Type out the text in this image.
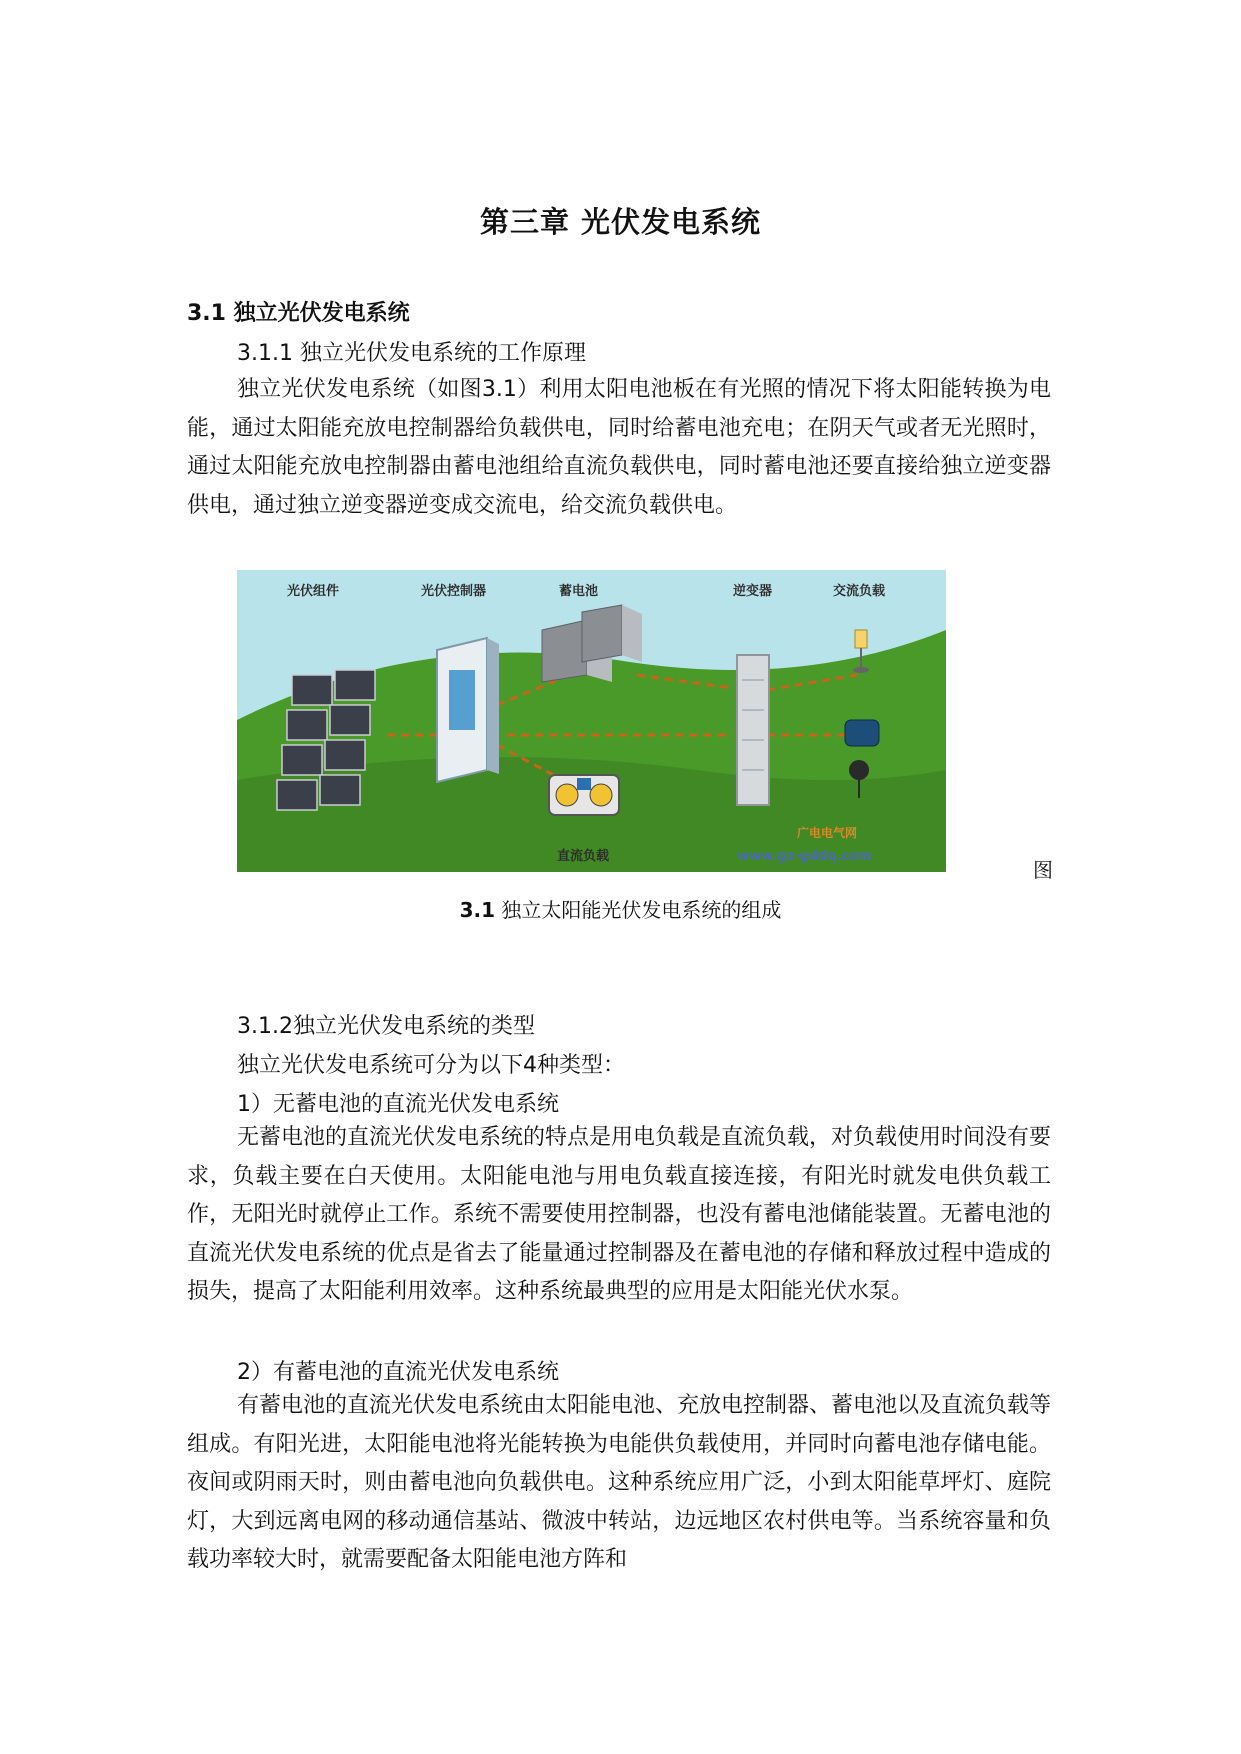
第三章 光伏发电系统
3.1 独立光伏发电系统
3.1.1 独立光伏发电系统的工作原理

独立光伏发电系统（如图3.1）利用太阳电池板在有光照的情况下将太阳能转换为电能，通过太阳能充放电控制器给负载供电，同时给蓄电池充电；在阴天气或者无光照时，通过太阳能充放电控制器由蓄电池组给直流负载供电，同时蓄电池还要直接给独立逆变器供电，通过独立逆变器逆变成交流电，给交流负载供电。

光伏组件	光伏控制器	蓄电池	逆变器	交流负载
直流负载
广电电气网
www.gz-gddq.com
图
3.1 独立太阳能光伏发电系统的组成
3.1.2独立光伏发电系统的类型
独立光伏发电系统可分为以下4种类型：
1）无蓄电池的直流光伏发电系统

无蓄电池的直流光伏发电系统的特点是用电负载是直流负载，对负载使用时间没有要求，负载主要在白天使用。太阳能电池与用电负载直接连接，有阳光时就发电供负载工作，无阳光时就停止工作。系统不需要使用控制器，也没有蓄电池储能装置。无蓄电池的直流光伏发电系统的优点是省去了能量通过控制器及在蓄电池的存储和释放过程中造成的损失，提高了太阳能利用效率。这种系统最典型的应用是太阳能光伏水泵。

2）有蓄电池的直流光伏发电系统

有蓄电池的直流光伏发电系统由太阳能电池、充放电控制器、蓄电池以及直流负载等组成。有阳光进，太阳能电池将光能转换为电能供负载使用，并同时向蓄电池存储电能。夜间或阴雨天时，则由蓄电池向负载供电。这种系统应用广泛，小到太阳能草坪灯、庭院灯，大到远离电网的移动通信基站、微波中转站，边远地区农村供电等。当系统容量和负载功率较大时，就需要配备太阳能电池方阵和
